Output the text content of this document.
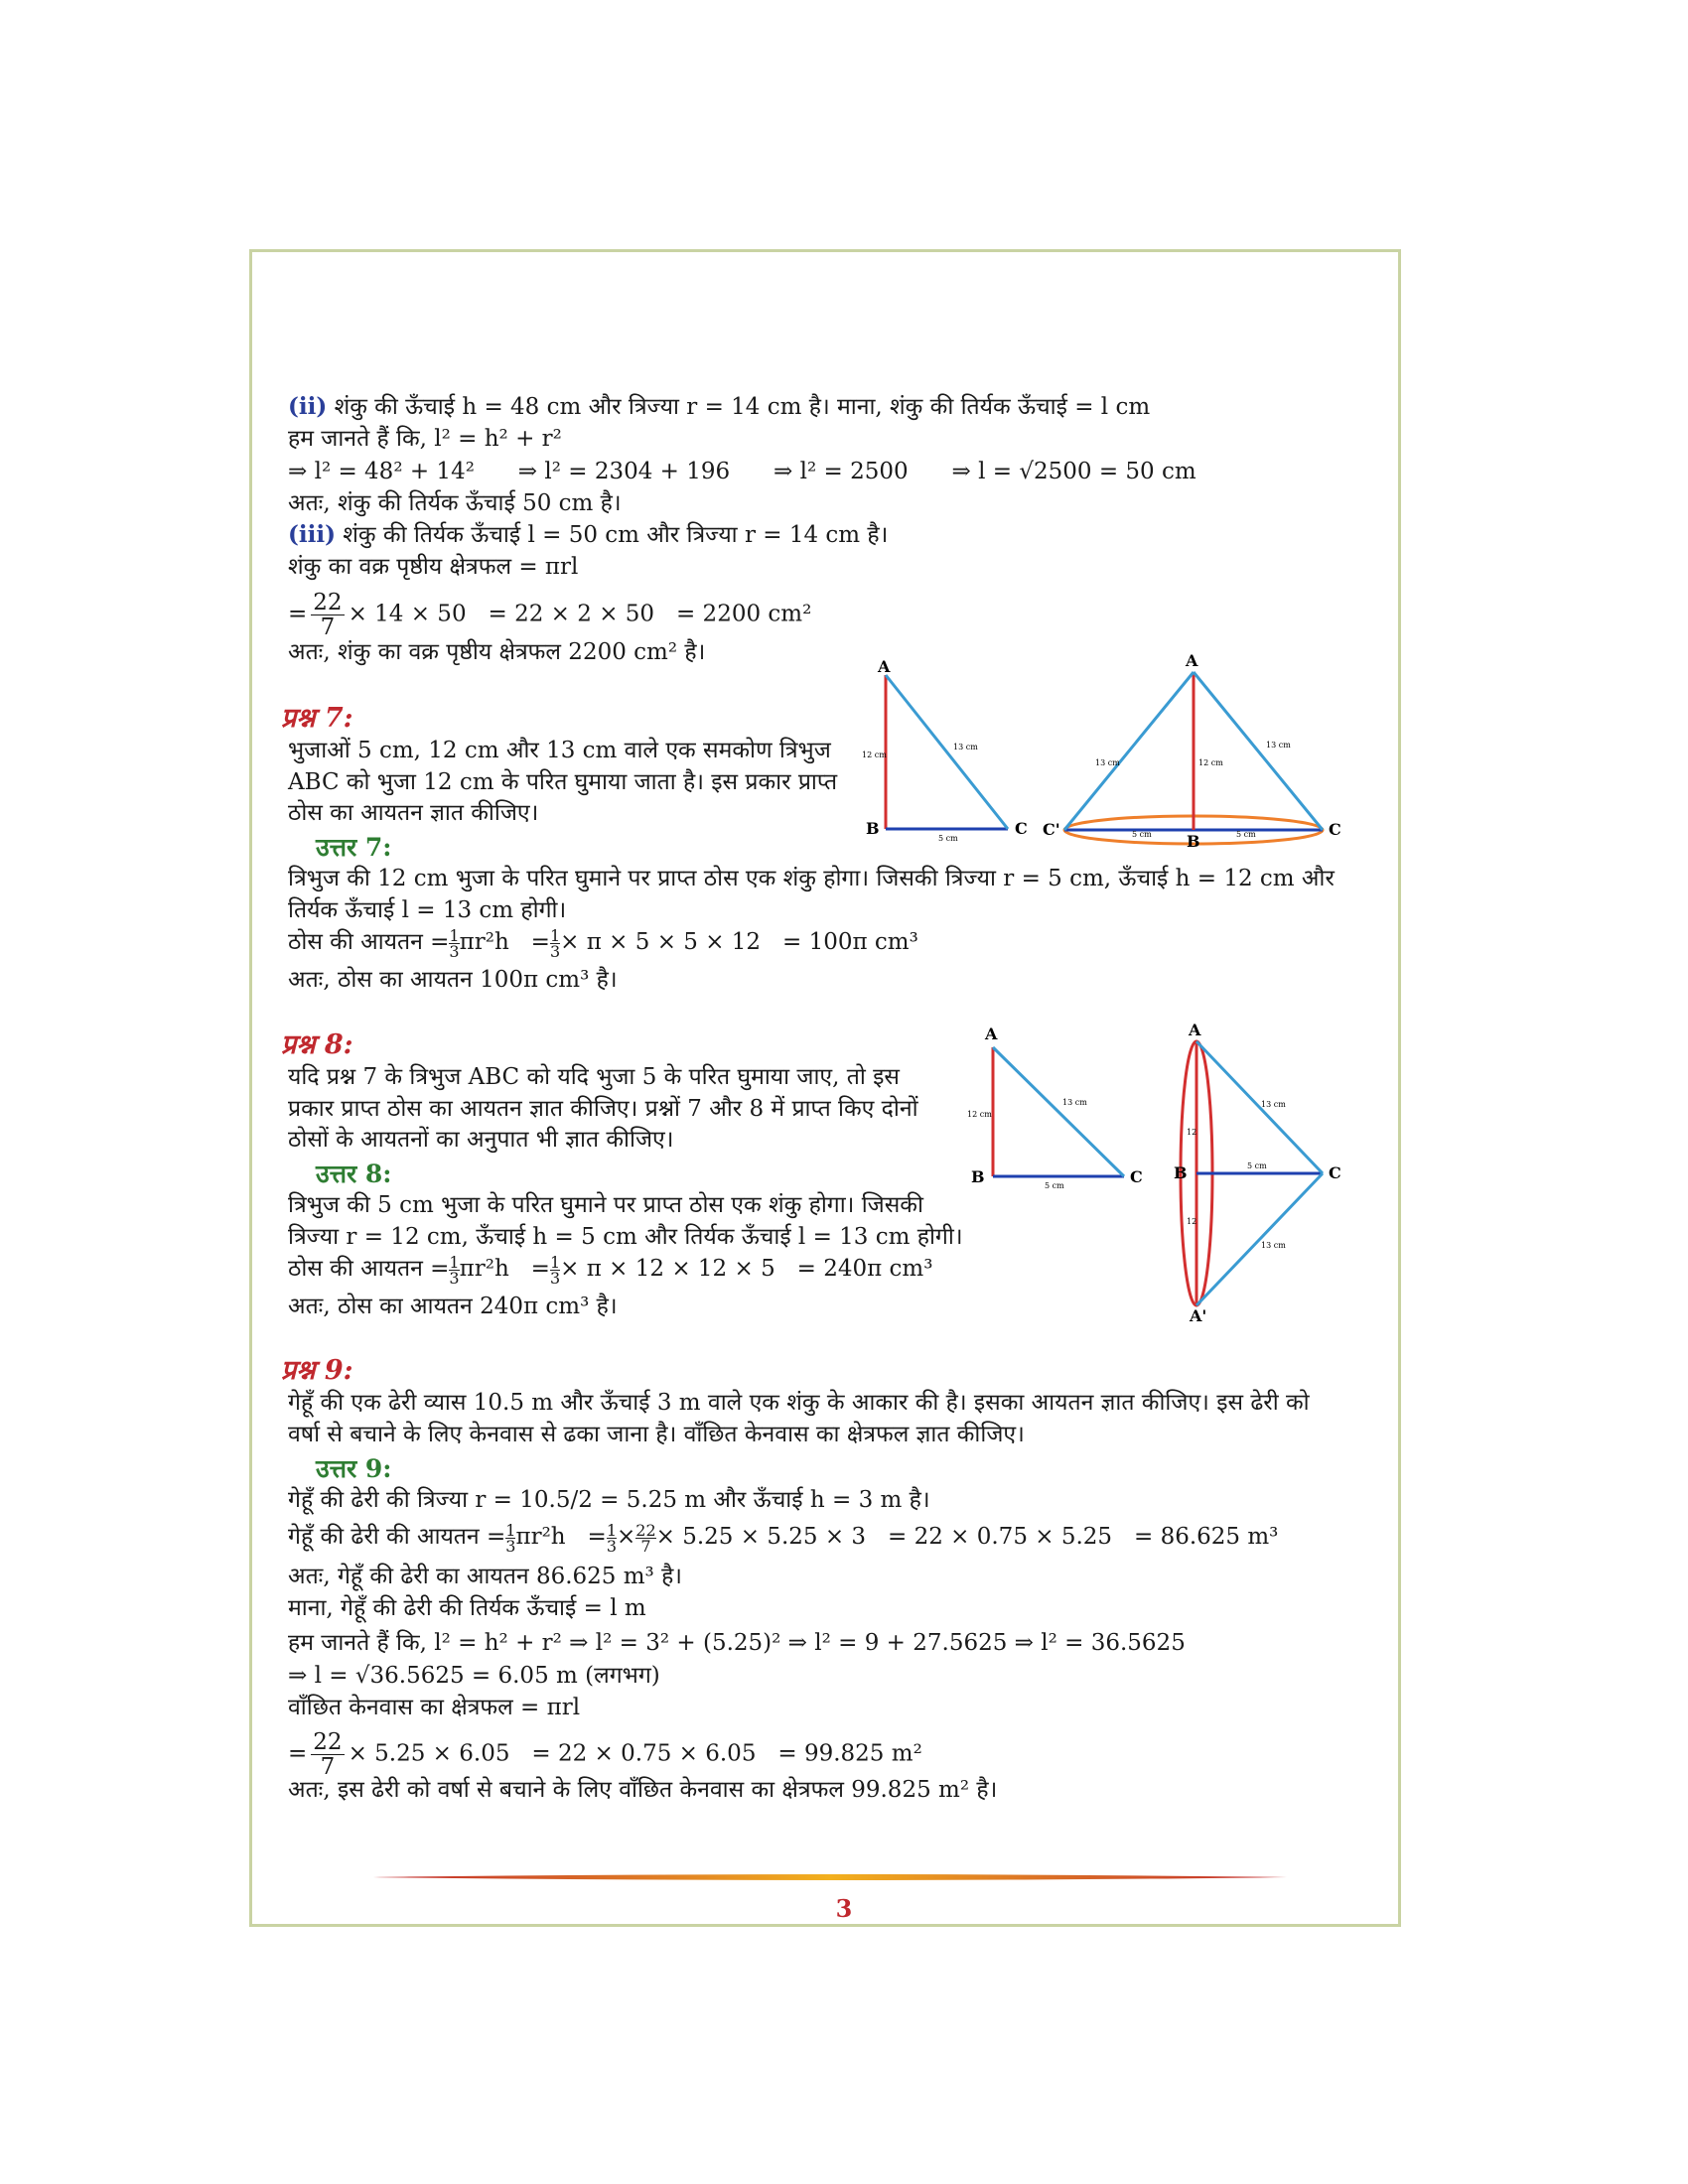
(ii) शंकु की ऊँचाई h = 48 cm और त्रिज्या r = 14 cm है। माना, शंकु की तिर्यक ऊँचाई = l cm
हम जानते हैं कि, l² = h² + r²
⇒ l² = 48² + 14²      ⇒ l² = 2304 + 196      ⇒ l² = 2500      ⇒ l = √2500 = 50 cm
अतः, शंकु की तिर्यक ऊँचाई 50 cm है।
(iii) शंकु की तिर्यक ऊँचाई l = 50 cm और त्रिज्या r = 14 cm है।
शंकु का वक्र पृष्ठीय क्षेत्रफल = πrl
= $\frac{22}{7} \times 14 \times 50 = 22 \times 2 \times 50 = 2200$ cm²
अतः, शंकु का वक्र पृष्ठीय क्षेत्रफल 2200 cm² है।
प्रश्न 7:
भुजाओं 5 cm, 12 cm और 13 cm वाले एक समकोण त्रिभुज
ABC को भुजा 12 cm के परित घुमाया जाता है। इस प्रकार प्राप्त
ठोस का आयतन ज्ञात कीजिए।
उत्तर 7:
त्रिभुज की 12 cm भुजा के परित घुमाने पर प्राप्त ठोस एक शंकु होगा। जिसकी त्रिज्या r = 5 cm, ऊँचाई h = 12 cm और
तिर्यक ऊँचाई l = 13 cm होगी।
ठोस की आयतन = $\frac{1}{3} \pi r^2h = \frac{1}{3} \times \pi \times 5 \times 5 \times 12 = 100\pi$ cm³
अतः, ठोस का आयतन 100π cm³ है।
A
B	C
12 cm
13 cm
5 cm
A
B
C
C'
13 cm	12 cm
13 cm
5 cm	5 cm
प्रश्न 8:
यदि प्रश्न 7 के त्रिभुज ABC को यदि भुजा 5 के परित घुमाया जाए, तो इस
प्रकार प्राप्त ठोस का आयतन ज्ञात कीजिए। प्रश्नों 7 और 8 में प्राप्त किए दोनों
ठोसों के आयतनों का अनुपात भी ज्ञात कीजिए।
उत्तर 8:
त्रिभुज की 5 cm भुजा के परित घुमाने पर प्राप्त ठोस एक शंकु होगा। जिसकी
त्रिज्या r = 12 cm, ऊँचाई h = 5 cm और तिर्यक ऊँचाई l = 13 cm होगी।
ठोस की आयतन = $\frac{1}{3} \pi r^2h = \frac{1}{3} \times \pi \times 12 \times 12 \times 5 = 240\pi$ cm³
अतः, ठोस का आयतन 240π cm³ है।
A
B	C
12 cm
13 cm
5 cm
A
A'
B	C
13 cm
13 cm
5 cm
12
12
प्रश्न 9:
गेहूँ की एक ढेरी व्यास 10.5 m और ऊँचाई 3 m वाले एक शंकु के आकार की है। इसका आयतन ज्ञात कीजिए। इस ढेरी को
वर्षा से बचाने के लिए केनवास से ढका जाना है। वाँछित केनवास का क्षेत्रफल ज्ञात कीजिए।
उत्तर 9:
गेहूँ की ढेरी की त्रिज्या r = 10.5/2 = 5.25 m और ऊँचाई h = 3 m है।
गेहूँ की ढेरी की आयतन = $\frac{1}{3} \pi r^2h = \frac{1}{3} \times \frac{22}{7} \times 5.25 \times 5.25 \times 3 = 22 \times 0.75 \times 5.25 = 86.625$ m³
अतः, गेहूँ की ढेरी का आयतन 86.625 m³ है।
माना, गेहूँ की ढेरी की तिर्यक ऊँचाई = l m
हम जानते हैं कि, l² = h² + r² ⇒ l² = 3² + (5.25)² ⇒ l² = 9 + 27.5625 ⇒ l² = 36.5625
⇒ l = √36.5625 = 6.05 m (लगभग)
वाँछित केनवास का क्षेत्रफल = πrl
= $\frac{22}{7} \times 5.25 \times 6.05 = 22 \times 0.75 \times 6.05 = 99.825$ m²
अतः, इस ढेरी को वर्षा से बचाने के लिए वाँछित केनवास का क्षेत्रफल 99.825 m² है।
3
